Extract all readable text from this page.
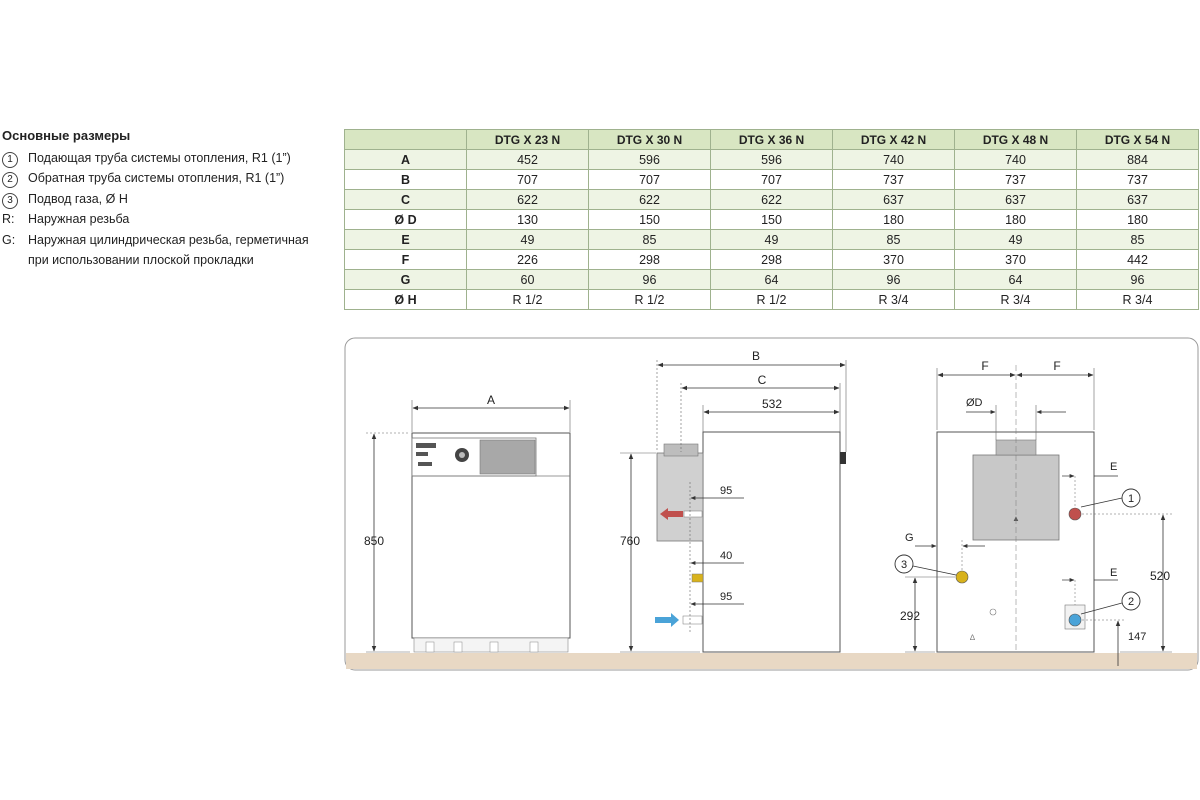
Основные размеры
1	Подающая труба системы отопления, R1 (1”)
2	Обратная труба системы отопления, R1 (1”)
3	Подвод газа, Ø H
R:	Наружная резьба
G:	Наружная цилиндрическая резьба, герметичная при использовании плоской прокладки
	DTG X 23 N	DTG X 30 N	DTG X 36 N	DTG X 42 N	DTG X 48 N	DTG X 54 N
A	452	596	596	740	740	884
B	707	707	707	737	737	737
C	622	622	622	637	637	637
Ø D	130	150	150	180	180	180
E	49	85	49	85	49	85
F	226	298	298	370	370	442
G	60	96	64	96	64	96
Ø H	R 1/2	R 1/2	R 1/2	R 3/4	R 3/4	R 3/4
A
850
B
C
532
760
95
40
95
▲
F	F
ØD
E
E
G
292
520
147
1
2
3
∆
